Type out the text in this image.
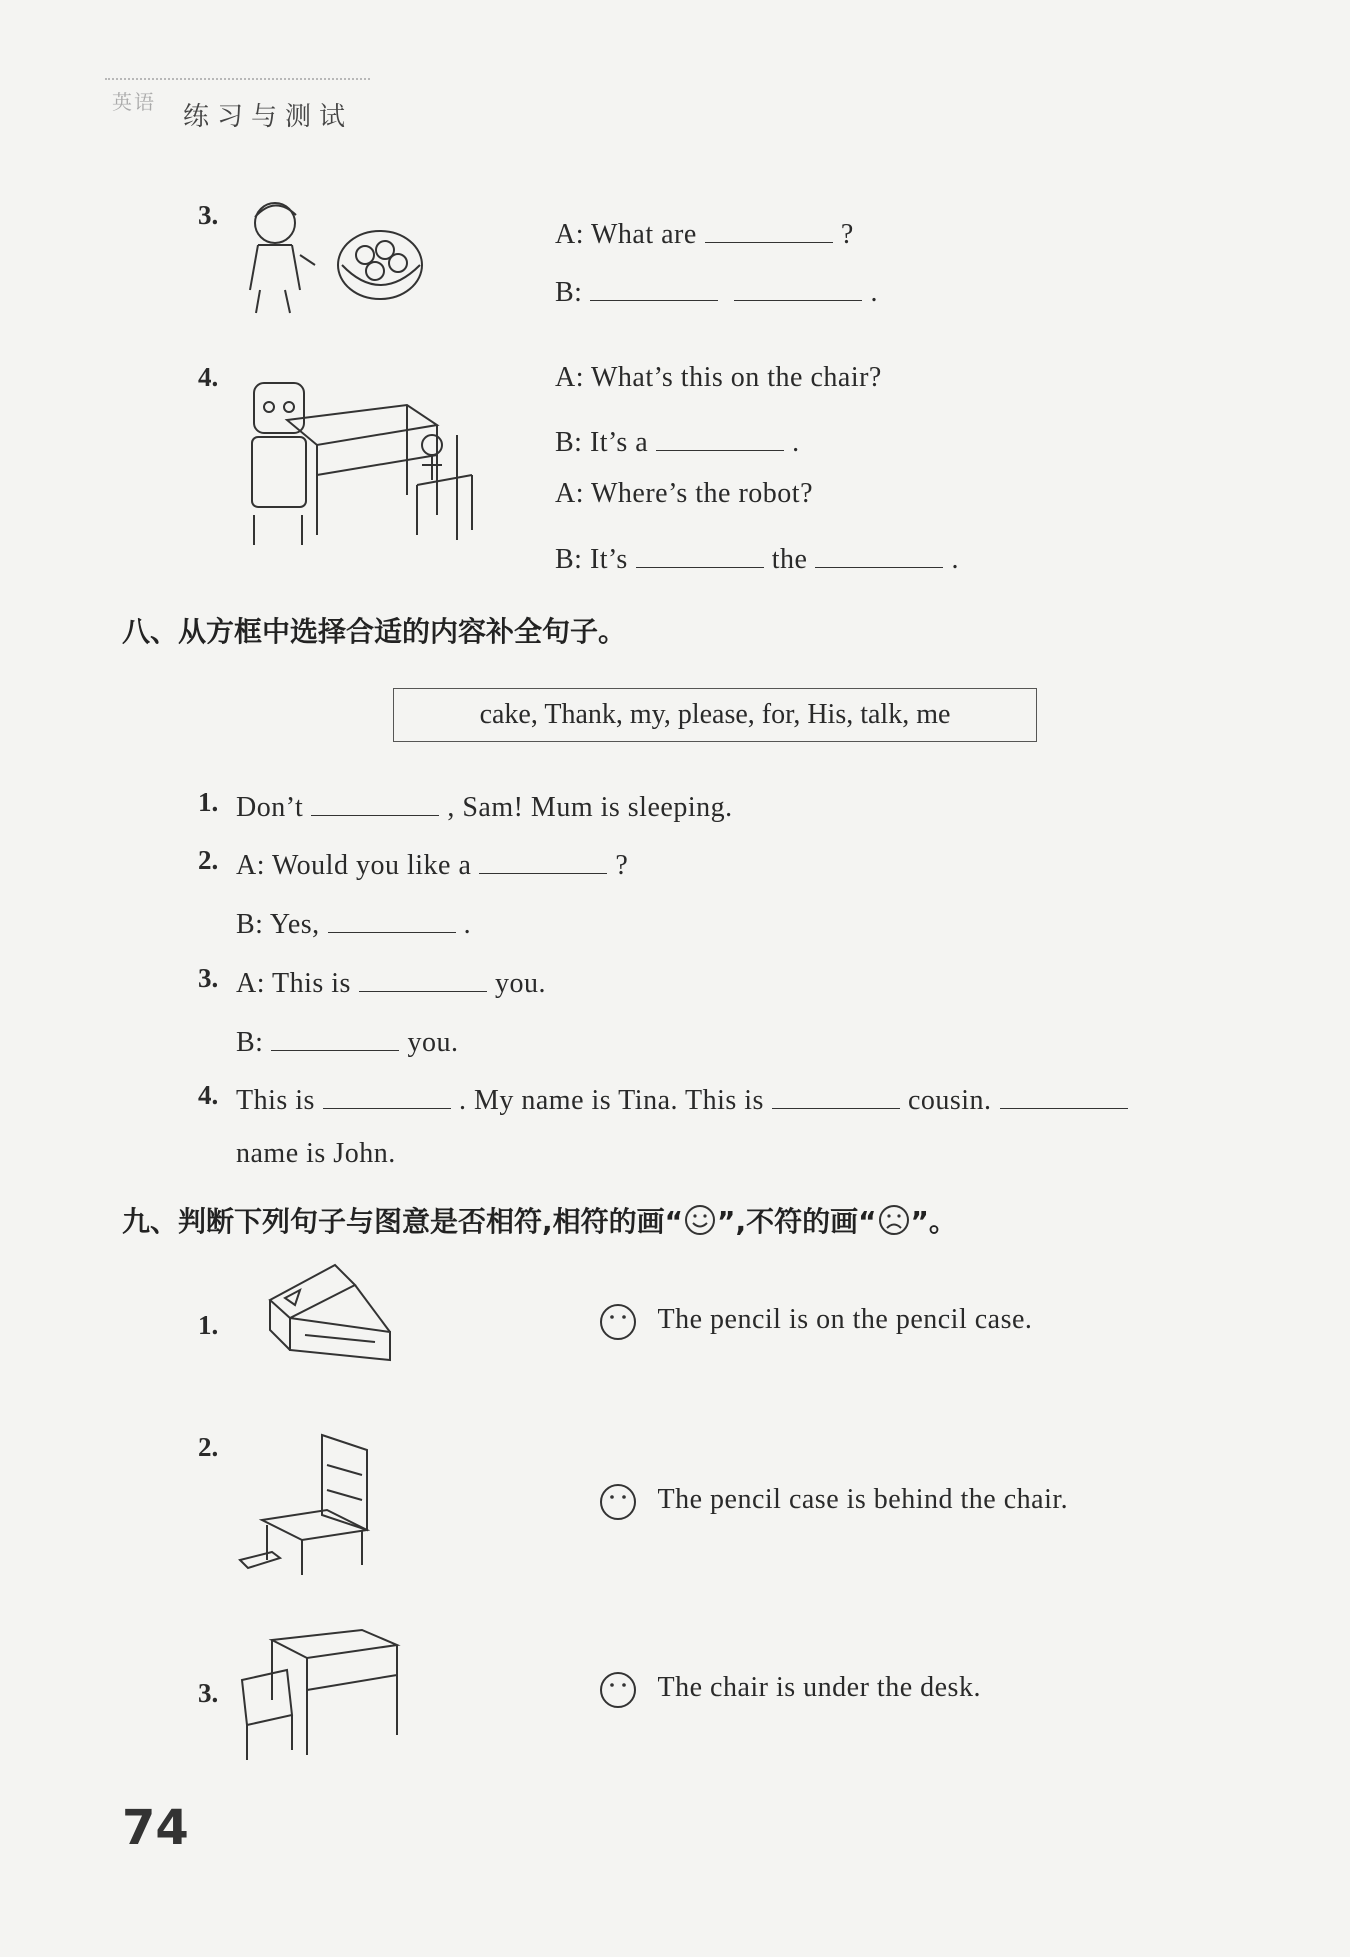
英语 练习与测试
3.
A: What are	?
B:	.
4.	A: What’s this on the chair?
B: It’s a	.
A: Where’s the robot?
B: It’s	the	.
八、从方框中选择合适的内容补全句子。
cake, Thank, my, please, for, His, talk, me
1. Don’t	, Sam! Mum is sleeping.
2. A: Would you like a	?
B: Yes,	.
3. A: This is	you.
B:	you.
4. This is	. My name is Tina. This is	cousin.
name is John.
九、判断下列句子与图意是否相符,相符的画“ ”,不符的画“ ”。
1.	The pencil is on the pencil case.
2.
The pencil case is behind the chair.
3.	The chair is under the desk.
74
